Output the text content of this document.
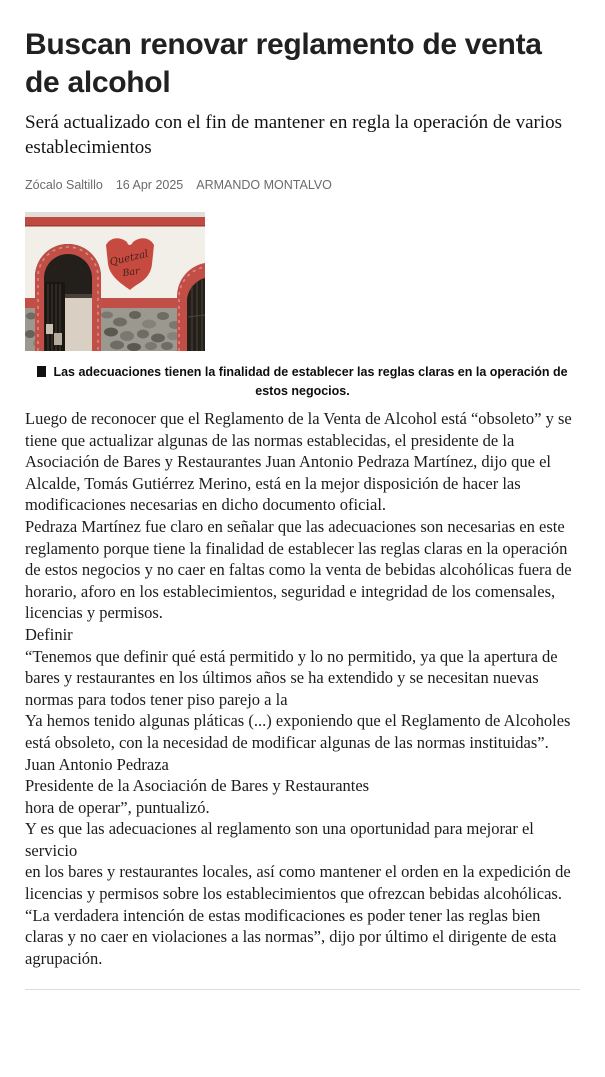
Buscan renovar reglamento de venta de alcohol
Será actualizado con el fin de mantener en regla la operación de varios establecimientos
Zócalo Saltillo 16 Apr 2025 ARMANDO MONTALVO
Quetzal
Bar
Las adecuaciones tienen la finalidad de establecer las reglas claras en la operación de estos negocios.

Luego de reconocer que el Reglamento de la Venta de Alcohol está “obsoleto” y se tiene que actualizar algunas de las normas establecidas, el presidente de la Asociación de Bares y Restaurantes Juan Antonio Pedraza Martínez, dijo que el Alcalde, Tomás Gutiérrez Merino, está en la mejor disposición de hacer las modificaciones necesarias en dicho documento oficial.

Pedraza Martínez fue claro en señalar que las adecuaciones son necesarias en este reglamento porque tiene la finalidad de establecer las reglas claras en la operación de estos negocios y no caer en faltas como la venta de bebidas alcohólicas fuera de horario, aforo en los establecimientos, seguridad e integridad de los comensales, licencias y permisos.

Definir

“Tenemos que definir qué está permitido y lo no permitido, ya que la apertura de bares y restaurantes en los últimos años se ha extendido y se necesitan nuevas normas para todos tener piso parejo a la

Ya hemos tenido algunas pláticas (...) exponiendo que el Reglamento de Alcoholes está obsoleto, con la necesidad de modificar algunas de las normas instituidas”.

Juan Antonio Pedraza

Presidente de la Asociación de Bares y Restaurantes

hora de operar”, puntualizó.

Y es que las adecuaciones al reglamento son una oportunidad para mejorar el servicio

en los bares y restaurantes locales, así como mantener el orden en la expedición de licencias y permisos sobre los establecimientos que ofrezcan bebidas alcohólicas.

“La verdadera intención de estas modificaciones es poder tener las reglas bien claras y no caer en violaciones a las normas”, dijo por último el dirigente de esta agrupación.
